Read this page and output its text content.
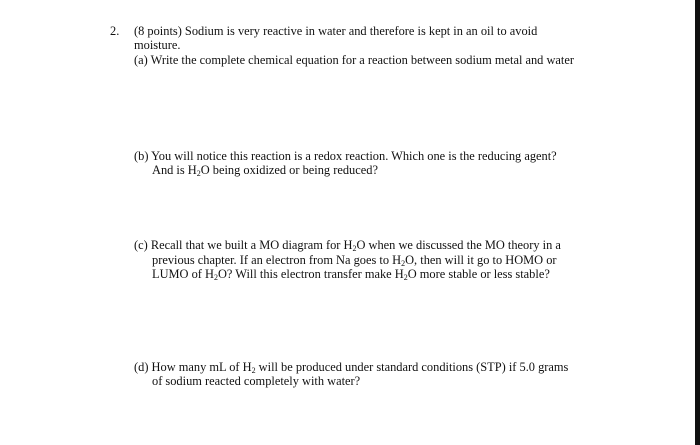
2. (8 points) Sodium is very reactive in water and therefore is kept in an oil to avoid
moisture.
(a) Write the complete chemical equation for a reaction between sodium metal and water
(b) You will notice this reaction is a redox reaction. Which one is the reducing agent?
And is $H_2O$ being oxidized or being reduced?
(c) Recall that we built a MO diagram for $H_2O$ when we discussed the MO theory in a
previous chapter. If an electron from Na goes to $H_2O$, then will it go to HOMO or
LUMO of $H_2O$? Will this electron transfer make $H_2O$ more stable or less stable?
(d) How many mL of $H_2$ will be produced under standard conditions (STP) if 5.0 grams
of sodium reacted completely with water?
